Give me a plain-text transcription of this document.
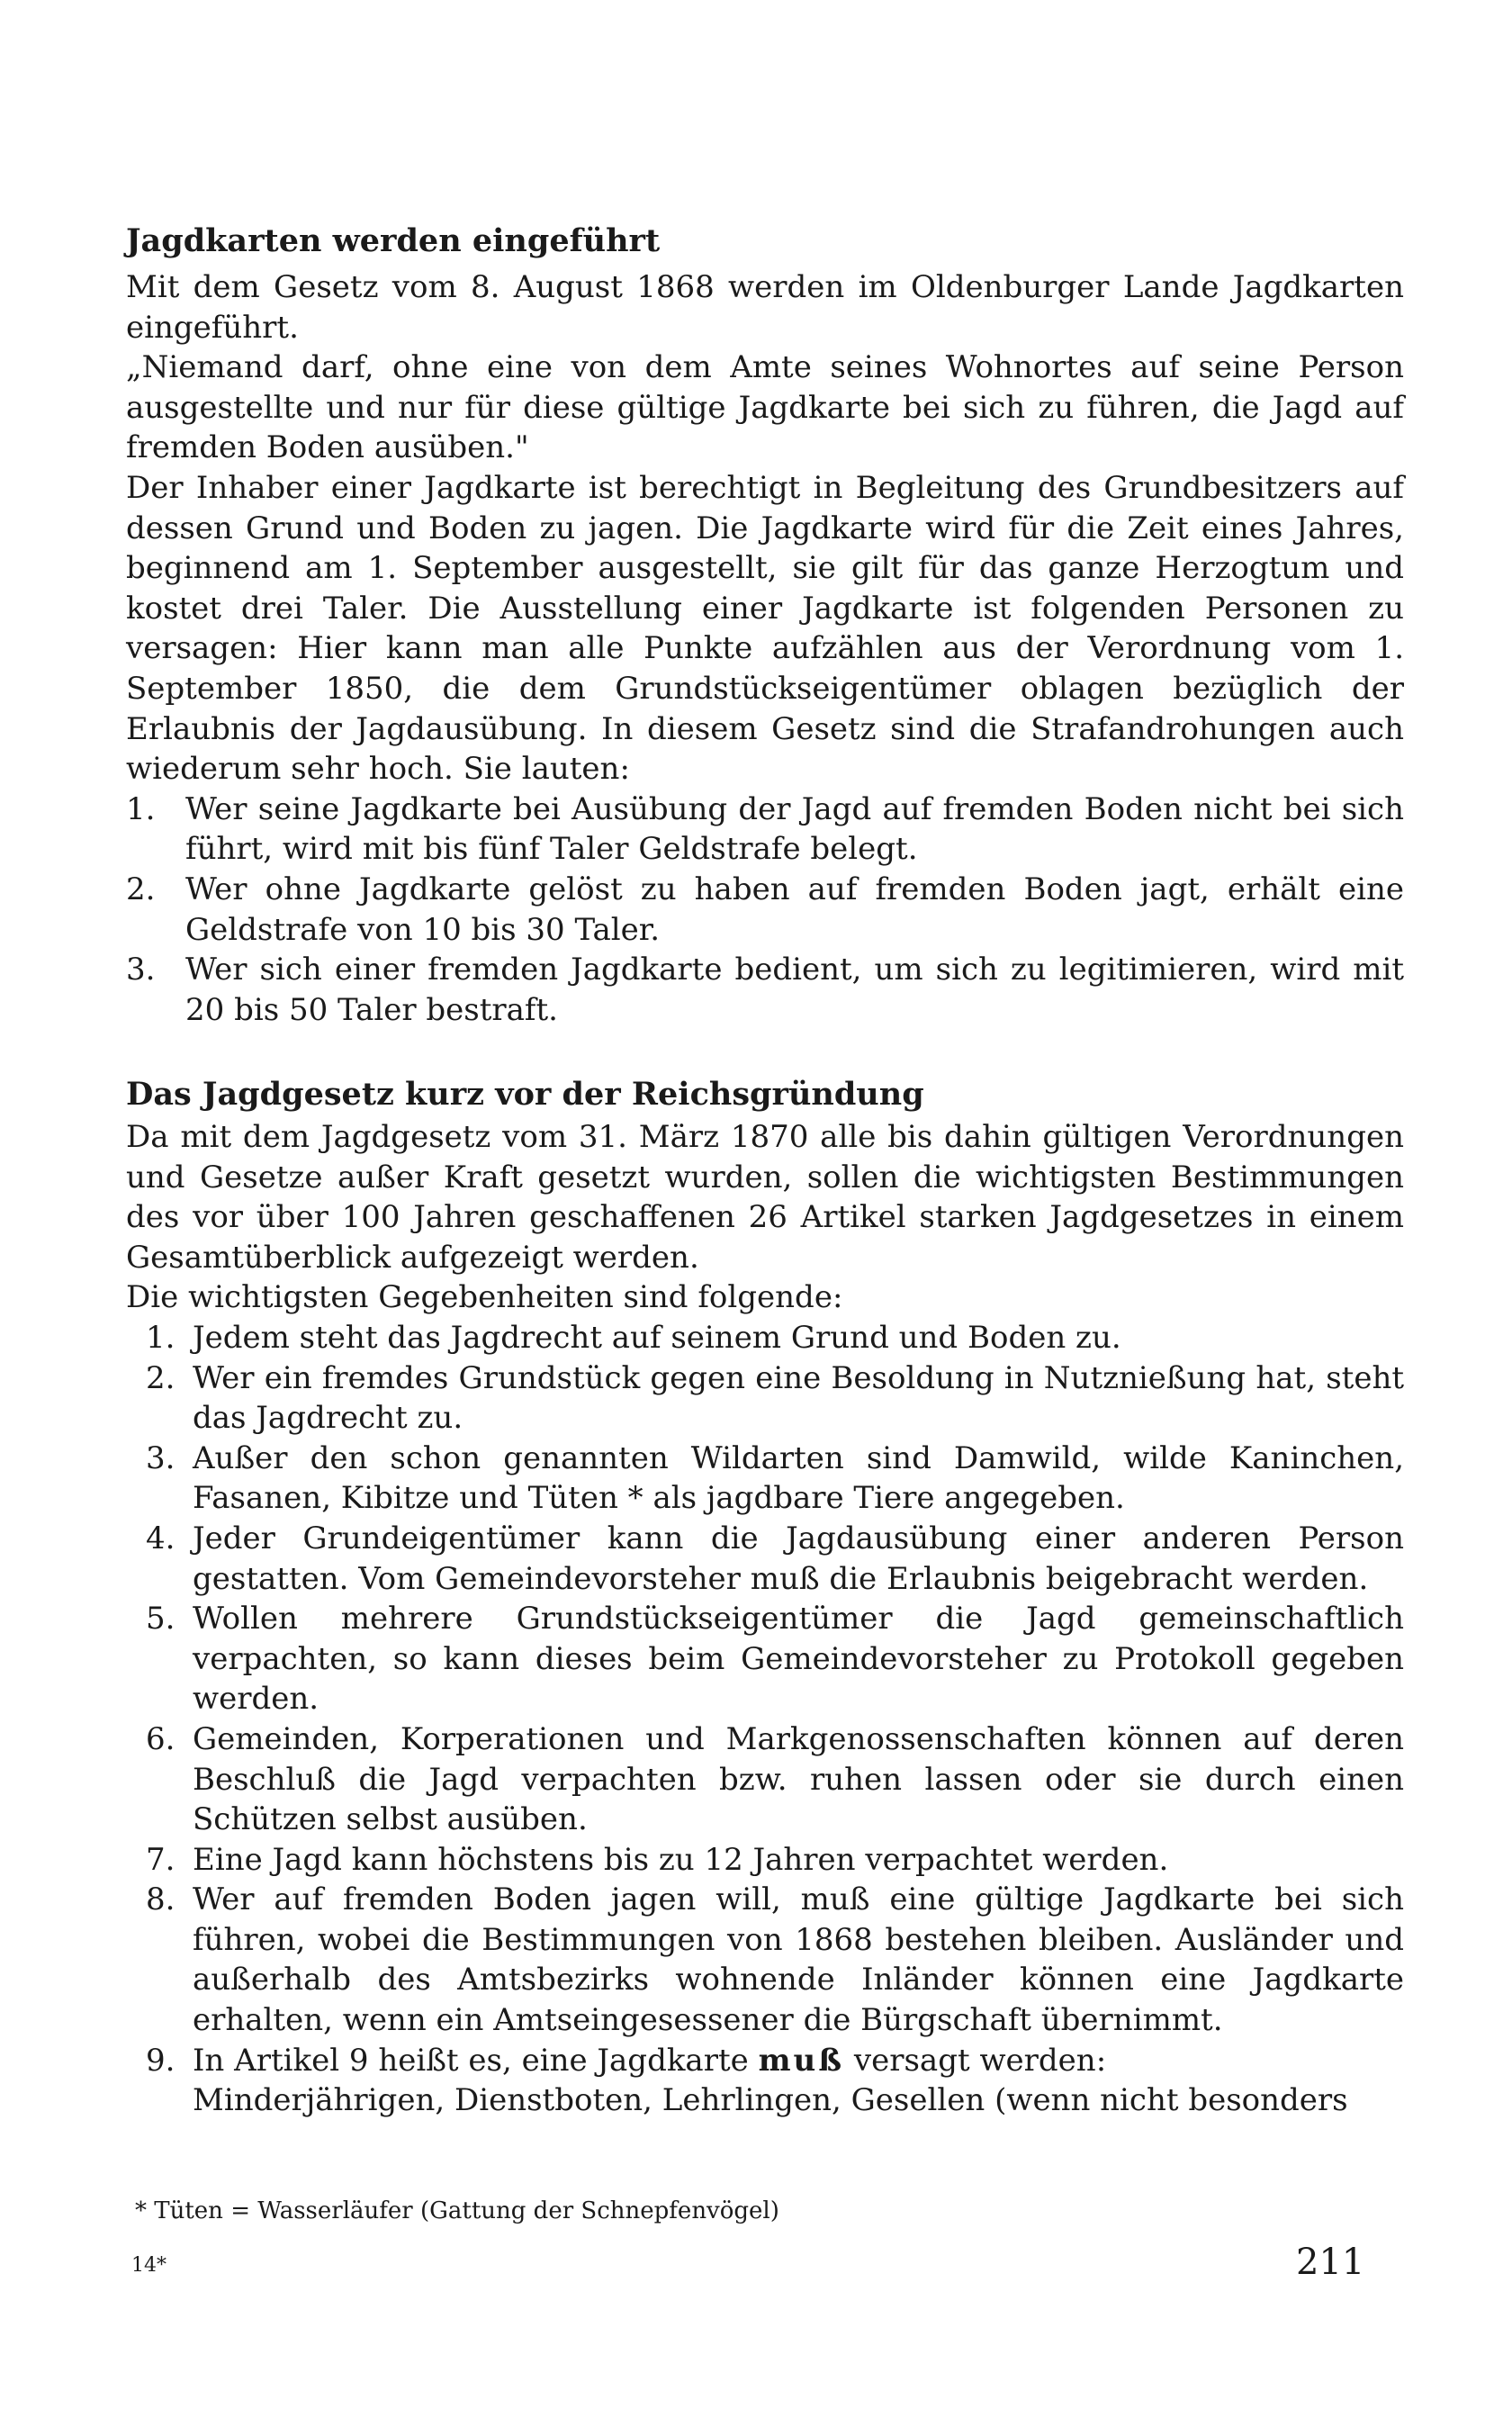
Jagdkarten werden eingeführt

Mit dem Gesetz vom 8. August 1868 werden im Oldenburger Lande Jagdkarten eingeführt.

„Niemand darf, ohne eine von dem Amte seines Wohnortes auf seine Person ausgestellte und nur für diese gültige Jagdkarte bei sich zu führen, die Jagd auf fremden Boden ausüben."

Der Inhaber einer Jagdkarte ist berechtigt in Begleitung des Grundbesitzers auf dessen Grund und Boden zu jagen. Die Jagdkarte wird für die Zeit eines Jahres, beginnend am 1. September ausgestellt, sie gilt für das ganze Herzogtum und kostet drei Taler. Die Ausstellung einer Jagdkarte ist folgenden Personen zu versagen: Hier kann man alle Punkte aufzählen aus der Verordnung vom 1. September 1850, die dem Grundstückseigentümer oblagen bezüglich der Erlaubnis der Jagdausübung. In diesem Gesetz sind die Strafandrohungen auch wiederum sehr hoch. Sie lauten:

1. Wer seine Jagdkarte bei Ausübung der Jagd auf fremden Boden nicht bei sich führt, wird mit bis fünf Taler Geldstrafe belegt.
2. Wer ohne Jagdkarte gelöst zu haben auf fremden Boden jagt, erhält eine Geldstrafe von 10 bis 30 Taler.
3. Wer sich einer fremden Jagdkarte bedient, um sich zu legitimieren, wird mit 20 bis 50 Taler bestraft.
Das Jagdgesetz kurz vor der Reichsgründung

Da mit dem Jagdgesetz vom 31. März 1870 alle bis dahin gültigen Verordnungen und Gesetze außer Kraft gesetzt wurden, sollen die wichtigsten Bestimmungen des vor über 100 Jahren geschaffenen 26 Artikel starken Jagdgesetzes in einem Gesamtüberblick aufgezeigt werden.

Die wichtigsten Gegebenheiten sind folgende:

1. Jedem steht das Jagdrecht auf seinem Grund und Boden zu.
2. Wer ein fremdes Grundstück gegen eine Besoldung in Nutznießung hat, steht das Jagdrecht zu.
3. Außer den schon genannten Wildarten sind Damwild, wilde Kaninchen, Fasanen, Kibitze und Tüten * als jagdbare Tiere angegeben.
4. Jeder Grundeigentümer kann die Jagdausübung einer anderen Person gestatten. Vom Gemeindevorsteher muß die Erlaubnis beigebracht werden.
5. Wollen mehrere Grundstückseigentümer die Jagd gemeinschaftlich verpachten, so kann dieses beim Gemeindevorsteher zu Protokoll gegeben werden.
6. Gemeinden, Korperationen und Markgenossenschaften können auf deren Beschluß die Jagd verpachten bzw. ruhen lassen oder sie durch einen Schützen selbst ausüben.
7. Eine Jagd kann höchstens bis zu 12 Jahren verpachtet werden.
8. Wer auf fremden Boden jagen will, muß eine gültige Jagdkarte bei sich führen, wobei die Bestimmungen von 1868 bestehen bleiben. Ausländer und außerhalb des Amtsbezirks wohnende Inländer können eine Jagdkarte erhalten, wenn ein Amtseingesessener die Bürgschaft übernimmt.
9. In Artikel 9 heißt es, eine Jagdkarte muß versagt werden:
Minderjährigen, Dienstboten, Lehrlingen, Gesellen (wenn nicht besonders

* Tüten = Wasserläufer (Gattung der Schnepfenvögel)

14*	211
